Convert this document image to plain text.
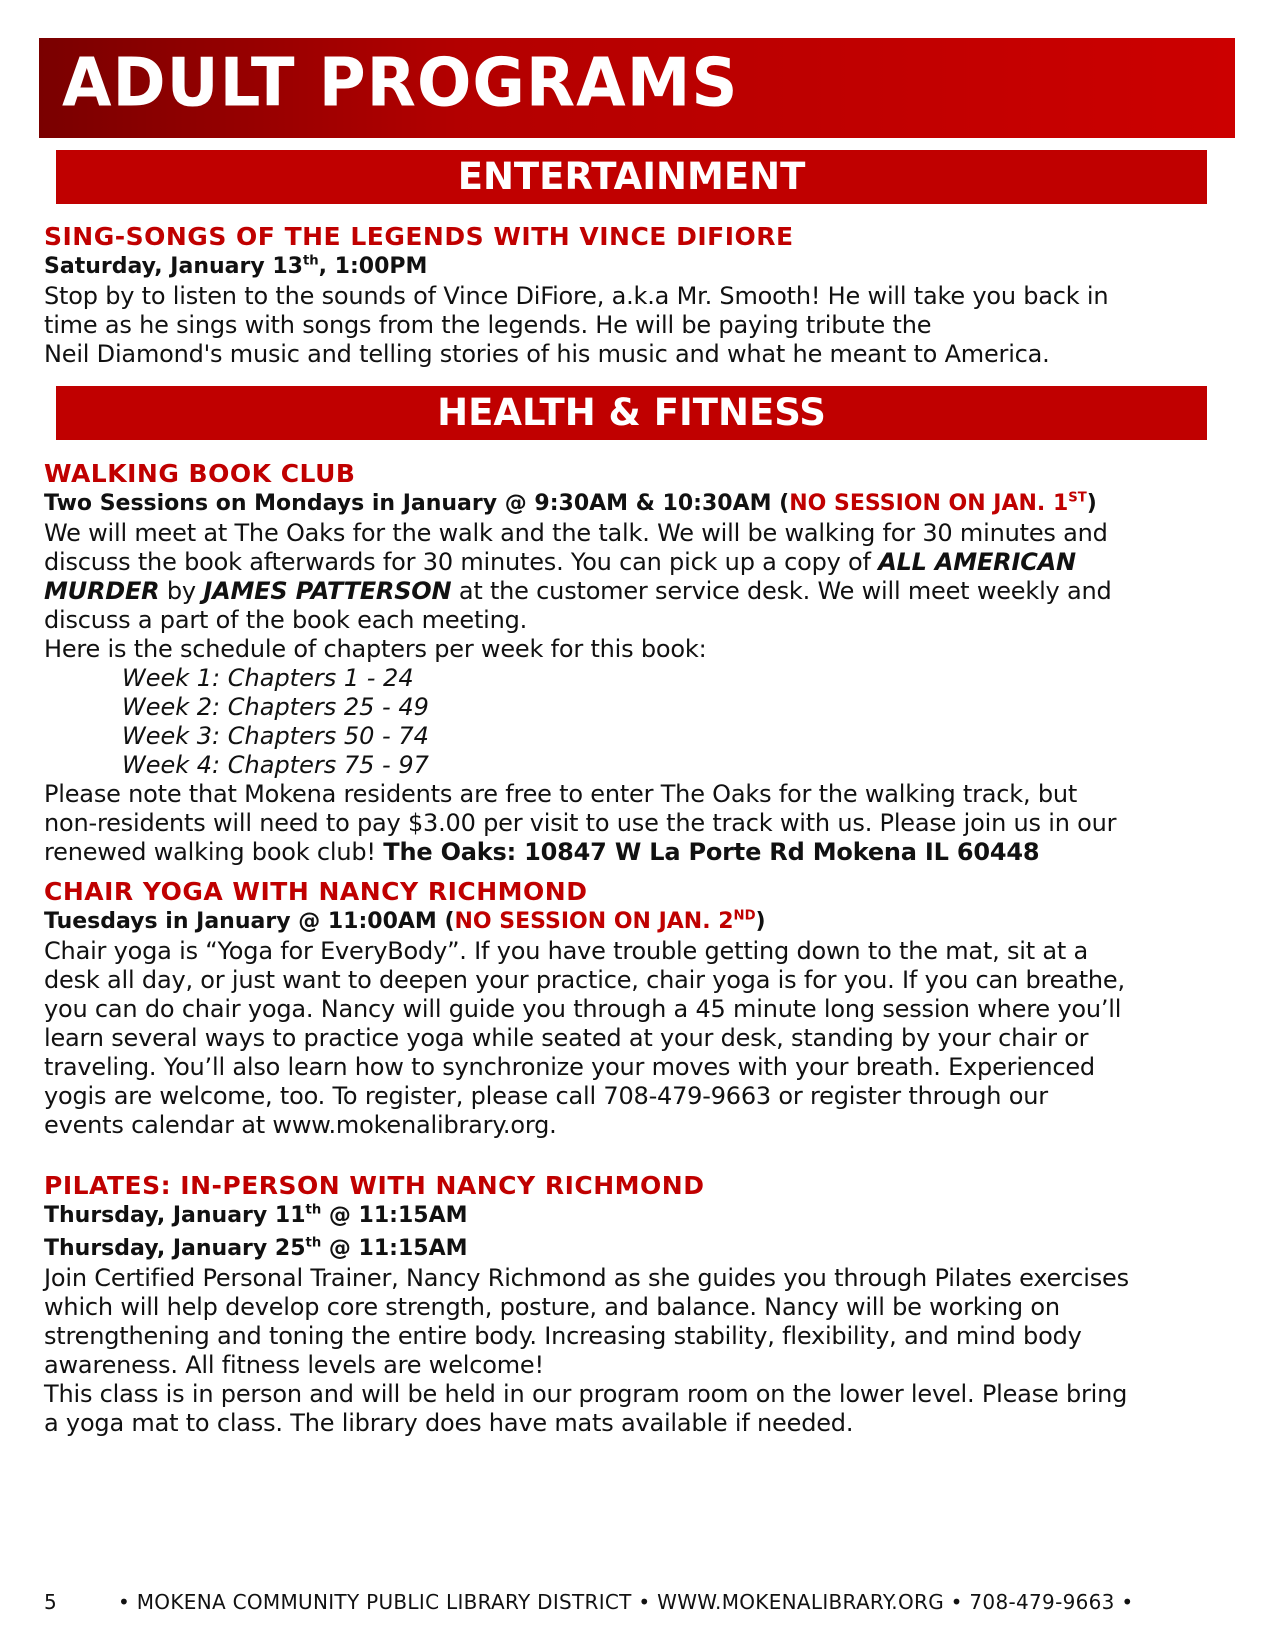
ADULT PROGRAMS
ENTERTAINMENT

SING-SONGS OF THE LEGENDS WITH VINCE DIFIORE

Saturday, January 13th, 1:00PM

Stop by to listen to the sounds of Vince DiFiore, a.k.a Mr. Smooth! He will take you back in
time as he sings with songs from the legends. He will be paying tribute the
Neil Diamond's music and telling stories of his music and what he meant to America.

HEALTH & FITNESS

WALKING BOOK CLUB

Two Sessions on Mondays in January @ 9:30AM & 10:30AM (NO SESSION ON JAN. 1ST)

We will meet at The Oaks for the walk and the talk. We will be walking for 30 minutes and
discuss the book afterwards for 30 minutes. You can pick up a copy of ALL AMERICAN
MURDER by JAMES PATTERSON at the customer service desk. We will meet weekly and
discuss a part of the book each meeting.
Here is the schedule of chapters per week for this book:

Week 1: Chapters 1 - 24
Week 2: Chapters 25 - 49
Week 3: Chapters 50 - 74
Week 4: Chapters 75 - 97

Please note that Mokena residents are free to enter The Oaks for the walking track, but
non-residents will need to pay $3.00 per visit to use the track with us. Please join us in our
renewed walking book club! The Oaks: 10847 W La Porte Rd Mokena IL 60448

CHAIR YOGA WITH NANCY RICHMOND

Tuesdays in January @ 11:00AM (NO SESSION ON JAN. 2ND)

Chair yoga is “Yoga for EveryBody”. If you have trouble getting down to the mat, sit at a
desk all day, or just want to deepen your practice, chair yoga is for you. If you can breathe,
you can do chair yoga. Nancy will guide you through a 45 minute long session where you’ll
learn several ways to practice yoga while seated at your desk, standing by your chair or
traveling. You’ll also learn how to synchronize your moves with your breath. Experienced
yogis are welcome, too. To register, please call 708-479-9663 or register through our
events calendar at www.mokenalibrary.org.

PILATES: IN-PERSON WITH NANCY RICHMOND

Thursday, January 11th @ 11:15AM

Thursday, January 25th @ 11:15AM

Join Certified Personal Trainer, Nancy Richmond as she guides you through Pilates exercises
which will help develop core strength, posture, and balance. Nancy will be working on
strengthening and toning the entire body. Increasing stability, flexibility, and mind body
awareness. All fitness levels are welcome!
This class is in person and will be held in our program room on the lower level. Please bring
a yoga mat to class. The library does have mats available if needed.

5	• MOKENA COMMUNITY PUBLIC LIBRARY DISTRICT • WWW.MOKENALIBRARY.ORG • 708-479-9663 •
